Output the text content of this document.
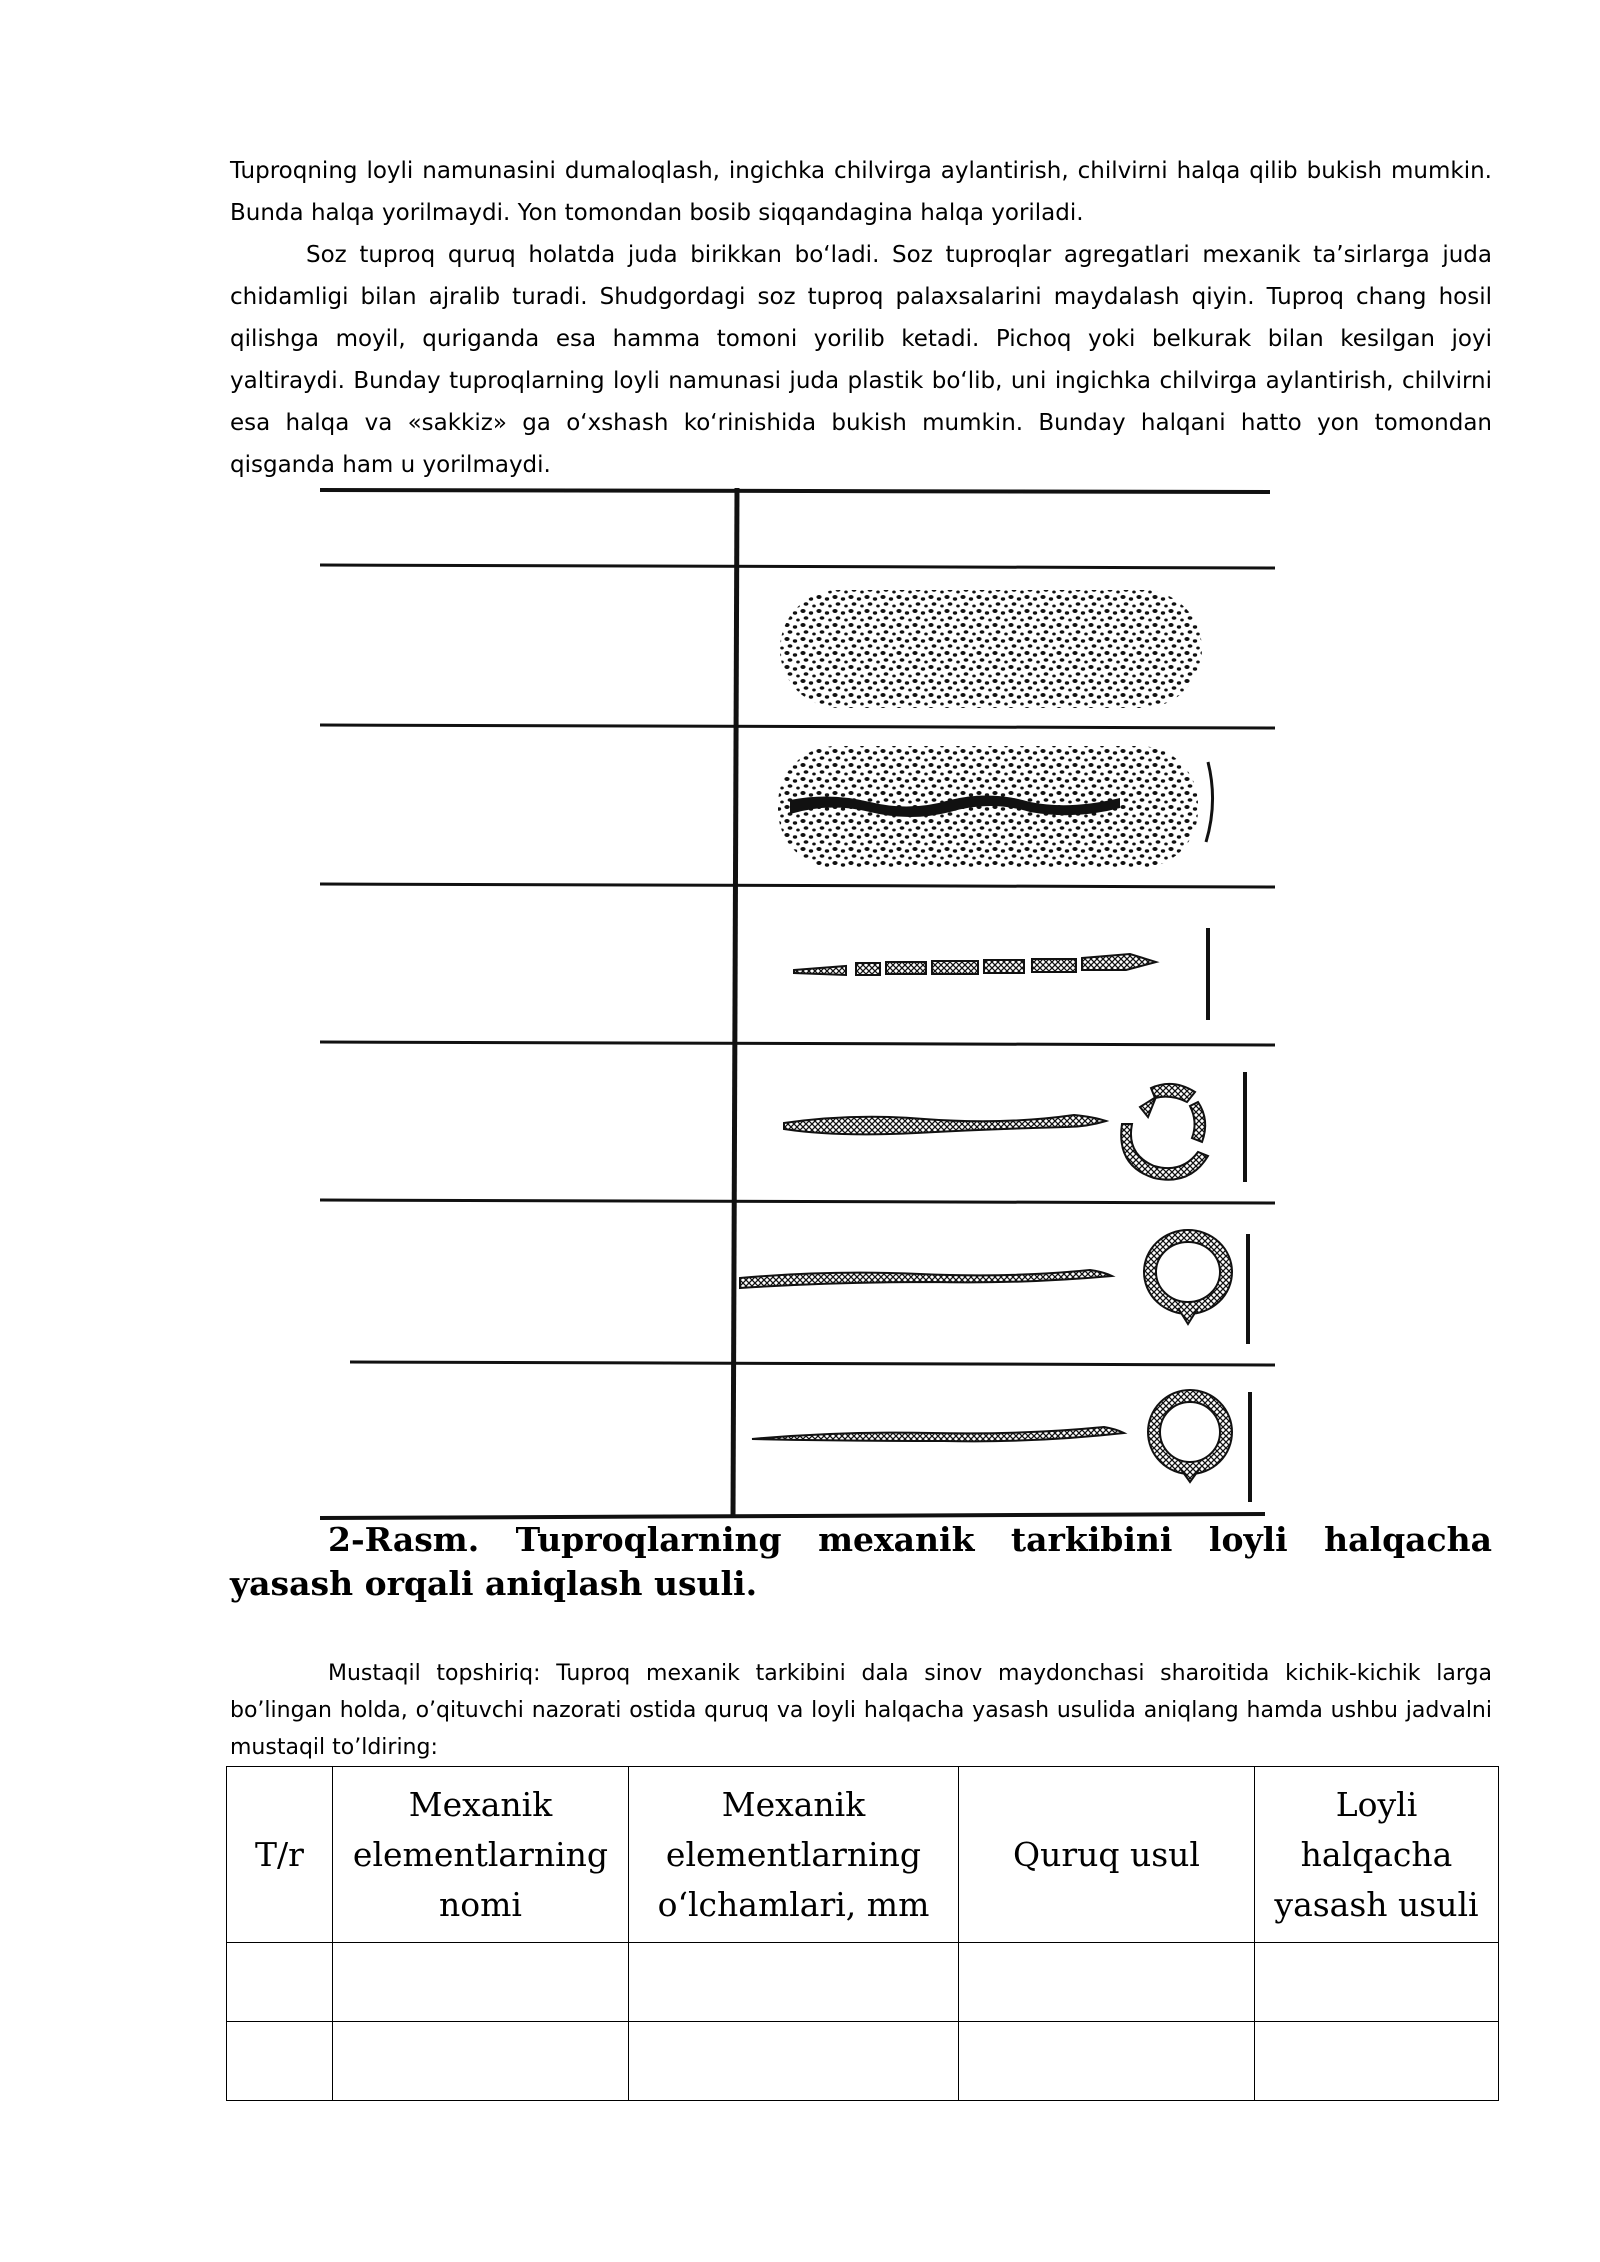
Tuproqning loyli namunasini dumaloqlash, ingichka chilvirga aylantirish, chilvirni halqa qilib bukish mumkin. Bunda halqa yorilmaydi. Yon tomondan bosib siqqandagina halqa yoriladi.

Soz tuproq quruq holatda juda birikkan bo‘ladi. Soz tuproqlar agregatlari mexanik ta’sirlarga juda chidamligi bilan ajralib turadi. Shudgordagi soz tuproq palaxsalarini maydalash qiyin. Tuproq chang hosil qilishga moyil, quriganda esa hamma tomoni yorilib ketadi. Pichoq yoki belkurak bilan kesilgan joyi yaltiraydi. Bunday tuproqlarning loyli namunasi juda plastik bo‘lib, uni ingichka chilvirga aylantirish, chilvirni esa halqa va «sakkiz» ga o‘xshash ko‘rinishida bukish mumkin. Bunday halqani hatto yon tomondan qisganda ham u yorilmaydi.

2-Rasm. Tuproqlarning mexanik tarkibini loyli halqacha yasash orqali aniqlash usuli.

Mustaqil topshiriq: Tuproq mexanik tarkibini dala sinov maydonchasi sharoitida kichik-kichik larga bo’lingan holda, o’qituvchi nazorati ostida quruq va loyli halqacha yasash usulida aniqlang hamda ushbu jadvalni mustaqil to’ldiring:

T/r	Mexanik elementlarning nomi	Mexanik elementlarning o‘lchamlari, mm	Quruq usul	Loyli halqacha yasash usuli
